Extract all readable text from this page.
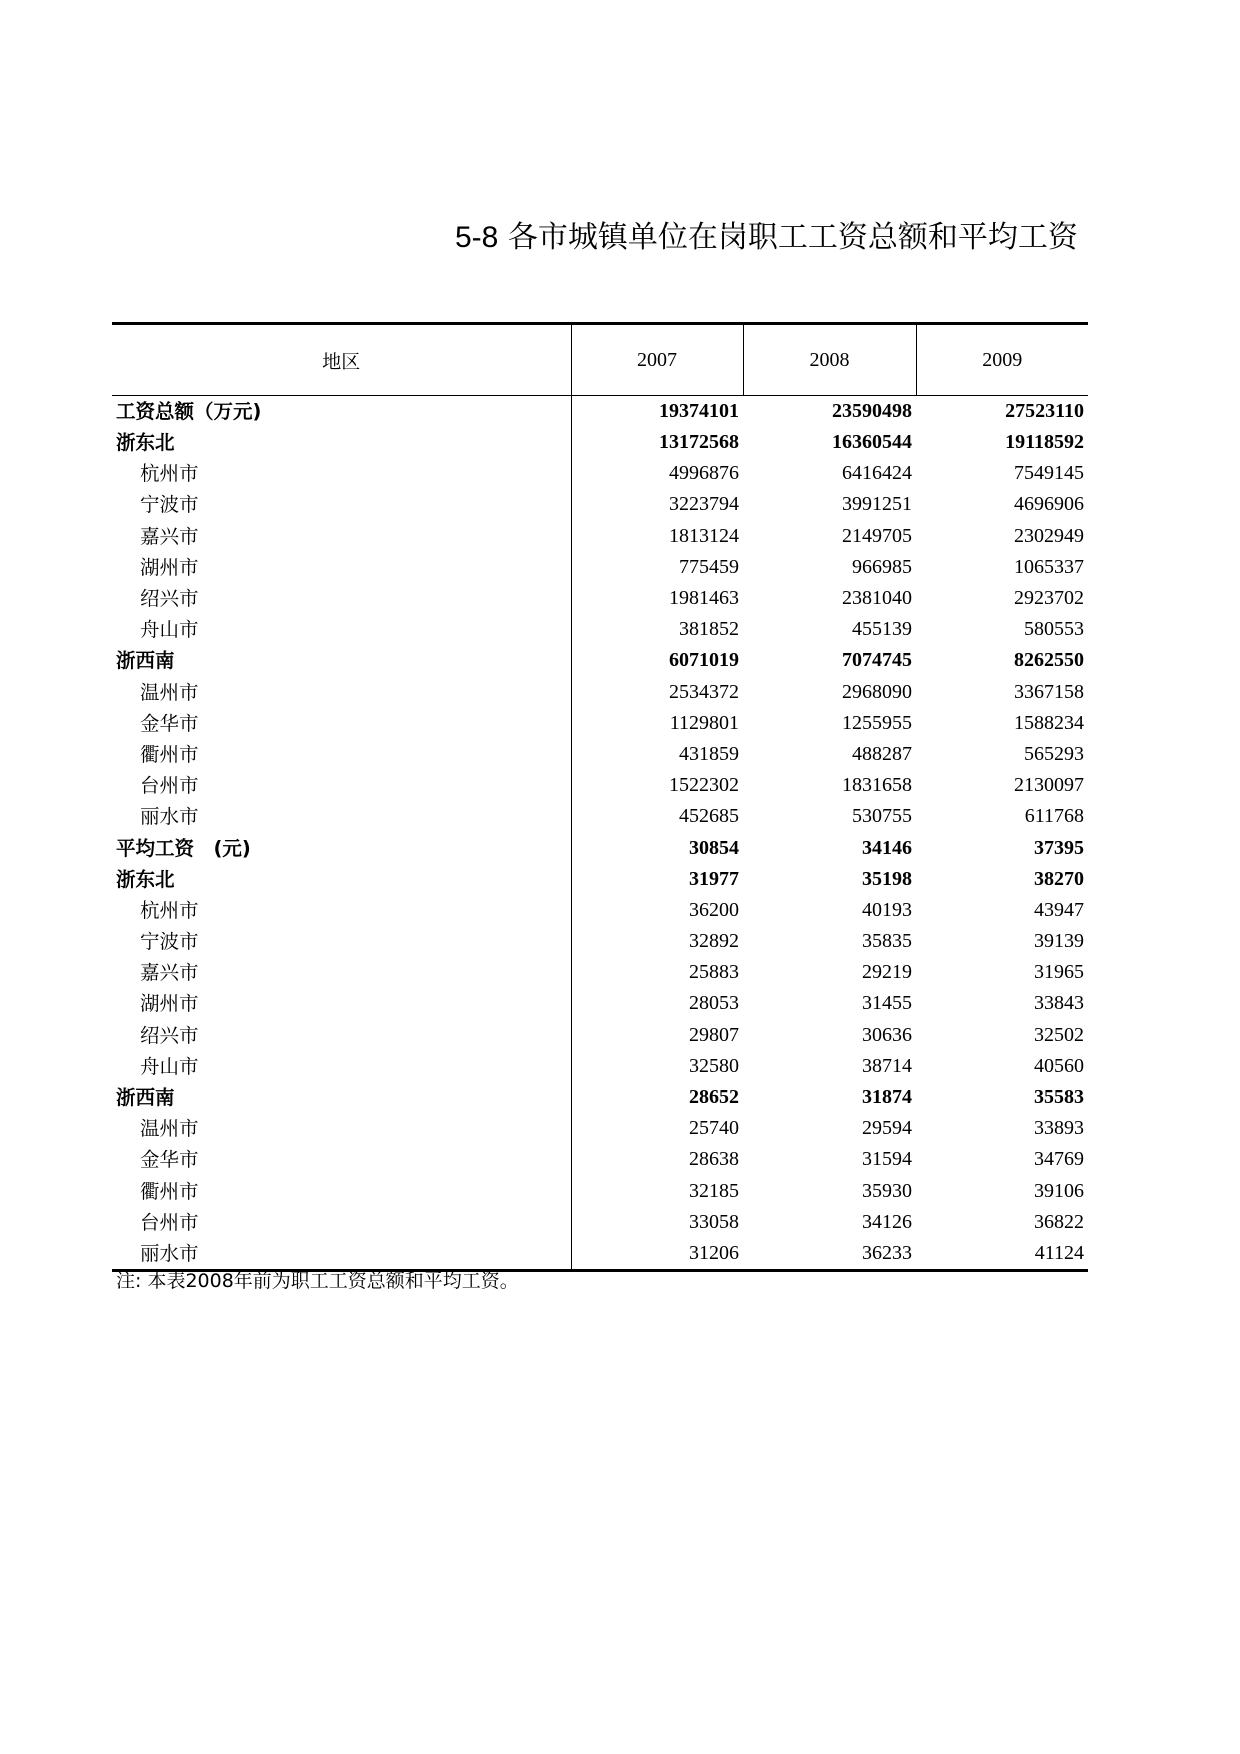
5-8 各市城镇单位在岗职工工资总额和平均工资
地区	2007	2008	2009
工资总额（万元)	19374101	23590498	27523110
浙东北	13172568	16360544	19118592
杭州市	4996876	6416424	7549145
宁波市	3223794	3991251	4696906
嘉兴市	1813124	2149705	2302949
湖州市	775459	966985	1065337
绍兴市	1981463	2381040	2923702
舟山市	381852	455139	580553
浙西南	6071019	7074745	8262550
温州市	2534372	2968090	3367158
金华市	1129801	1255955	1588234
衢州市	431859	488287	565293
台州市	1522302	1831658	2130097
丽水市	452685	530755	611768
平均工资　(元)	30854	34146	37395
浙东北	31977	35198	38270
杭州市	36200	40193	43947
宁波市	32892	35835	39139
嘉兴市	25883	29219	31965
湖州市	28053	31455	33843
绍兴市	29807	30636	32502
舟山市	32580	38714	40560
浙西南	28652	31874	35583
温州市	25740	29594	33893
金华市	28638	31594	34769
衢州市	32185	35930	39106
台州市	33058	34126	36822
丽水市	31206	36233	41124
注: 本表2008年前为职工工资总额和平均工资。
